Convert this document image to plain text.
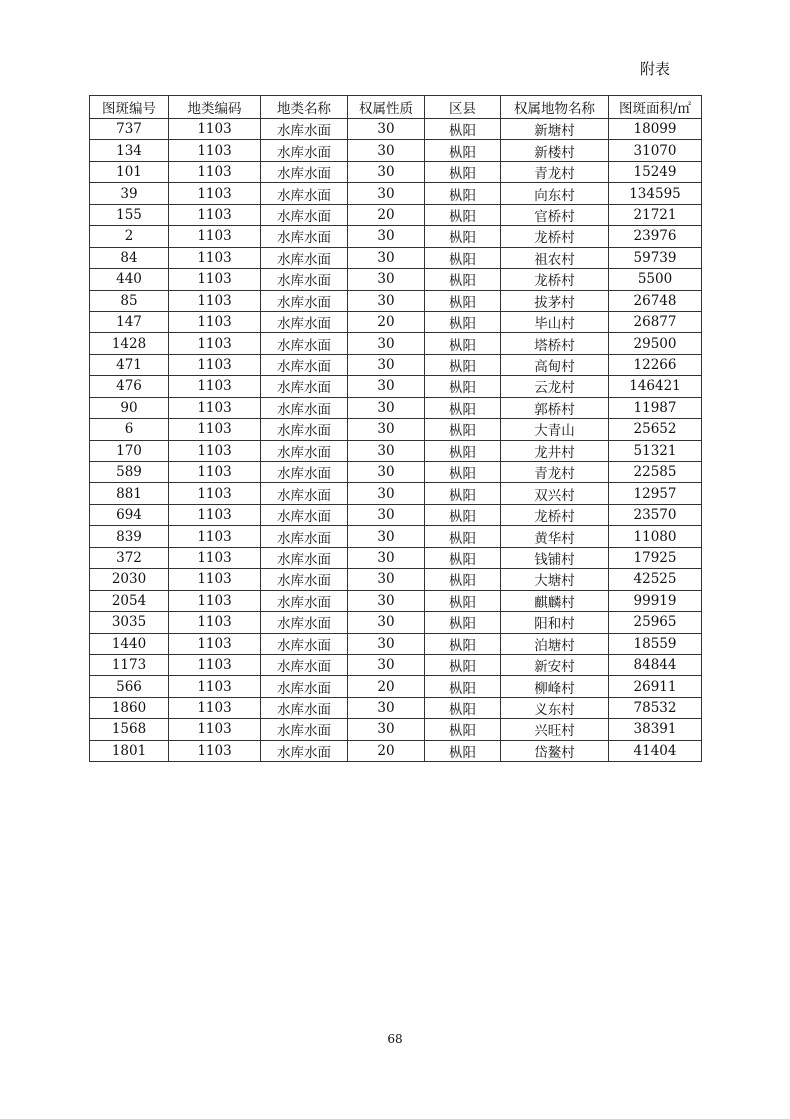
附表
图斑编号	地类编码	地类名称	权属性质	区县	权属地物名称	图斑面积/㎡
737	1103	水库水面	30	枞阳	新塘村	18099
134	1103	水库水面	30	枞阳	新楼村	31070
101	1103	水库水面	30	枞阳	青龙村	15249
39	1103	水库水面	30	枞阳	向东村	134595
155	1103	水库水面	20	枞阳	官桥村	21721
2	1103	水库水面	30	枞阳	龙桥村	23976
84	1103	水库水面	30	枞阳	祖农村	59739
440	1103	水库水面	30	枞阳	龙桥村	5500
85	1103	水库水面	30	枞阳	拔茅村	26748
147	1103	水库水面	20	枞阳	毕山村	26877
1428	1103	水库水面	30	枞阳	塔桥村	29500
471	1103	水库水面	30	枞阳	高甸村	12266
476	1103	水库水面	30	枞阳	云龙村	146421
90	1103	水库水面	30	枞阳	郭桥村	11987
6	1103	水库水面	30	枞阳	大青山	25652
170	1103	水库水面	30	枞阳	龙井村	51321
589	1103	水库水面	30	枞阳	青龙村	22585
881	1103	水库水面	30	枞阳	双兴村	12957
694	1103	水库水面	30	枞阳	龙桥村	23570
839	1103	水库水面	30	枞阳	黄华村	11080
372	1103	水库水面	30	枞阳	钱铺村	17925
2030	1103	水库水面	30	枞阳	大塘村	42525
2054	1103	水库水面	30	枞阳	麒麟村	99919
3035	1103	水库水面	30	枞阳	阳和村	25965
1440	1103	水库水面	30	枞阳	泊塘村	18559
1173	1103	水库水面	30	枞阳	新安村	84844
566	1103	水库水面	20	枞阳	柳峰村	26911
1860	1103	水库水面	30	枞阳	义东村	78532
1568	1103	水库水面	30	枞阳	兴旺村	38391
1801	1103	水库水面	20	枞阳	岱鳌村	41404
68
